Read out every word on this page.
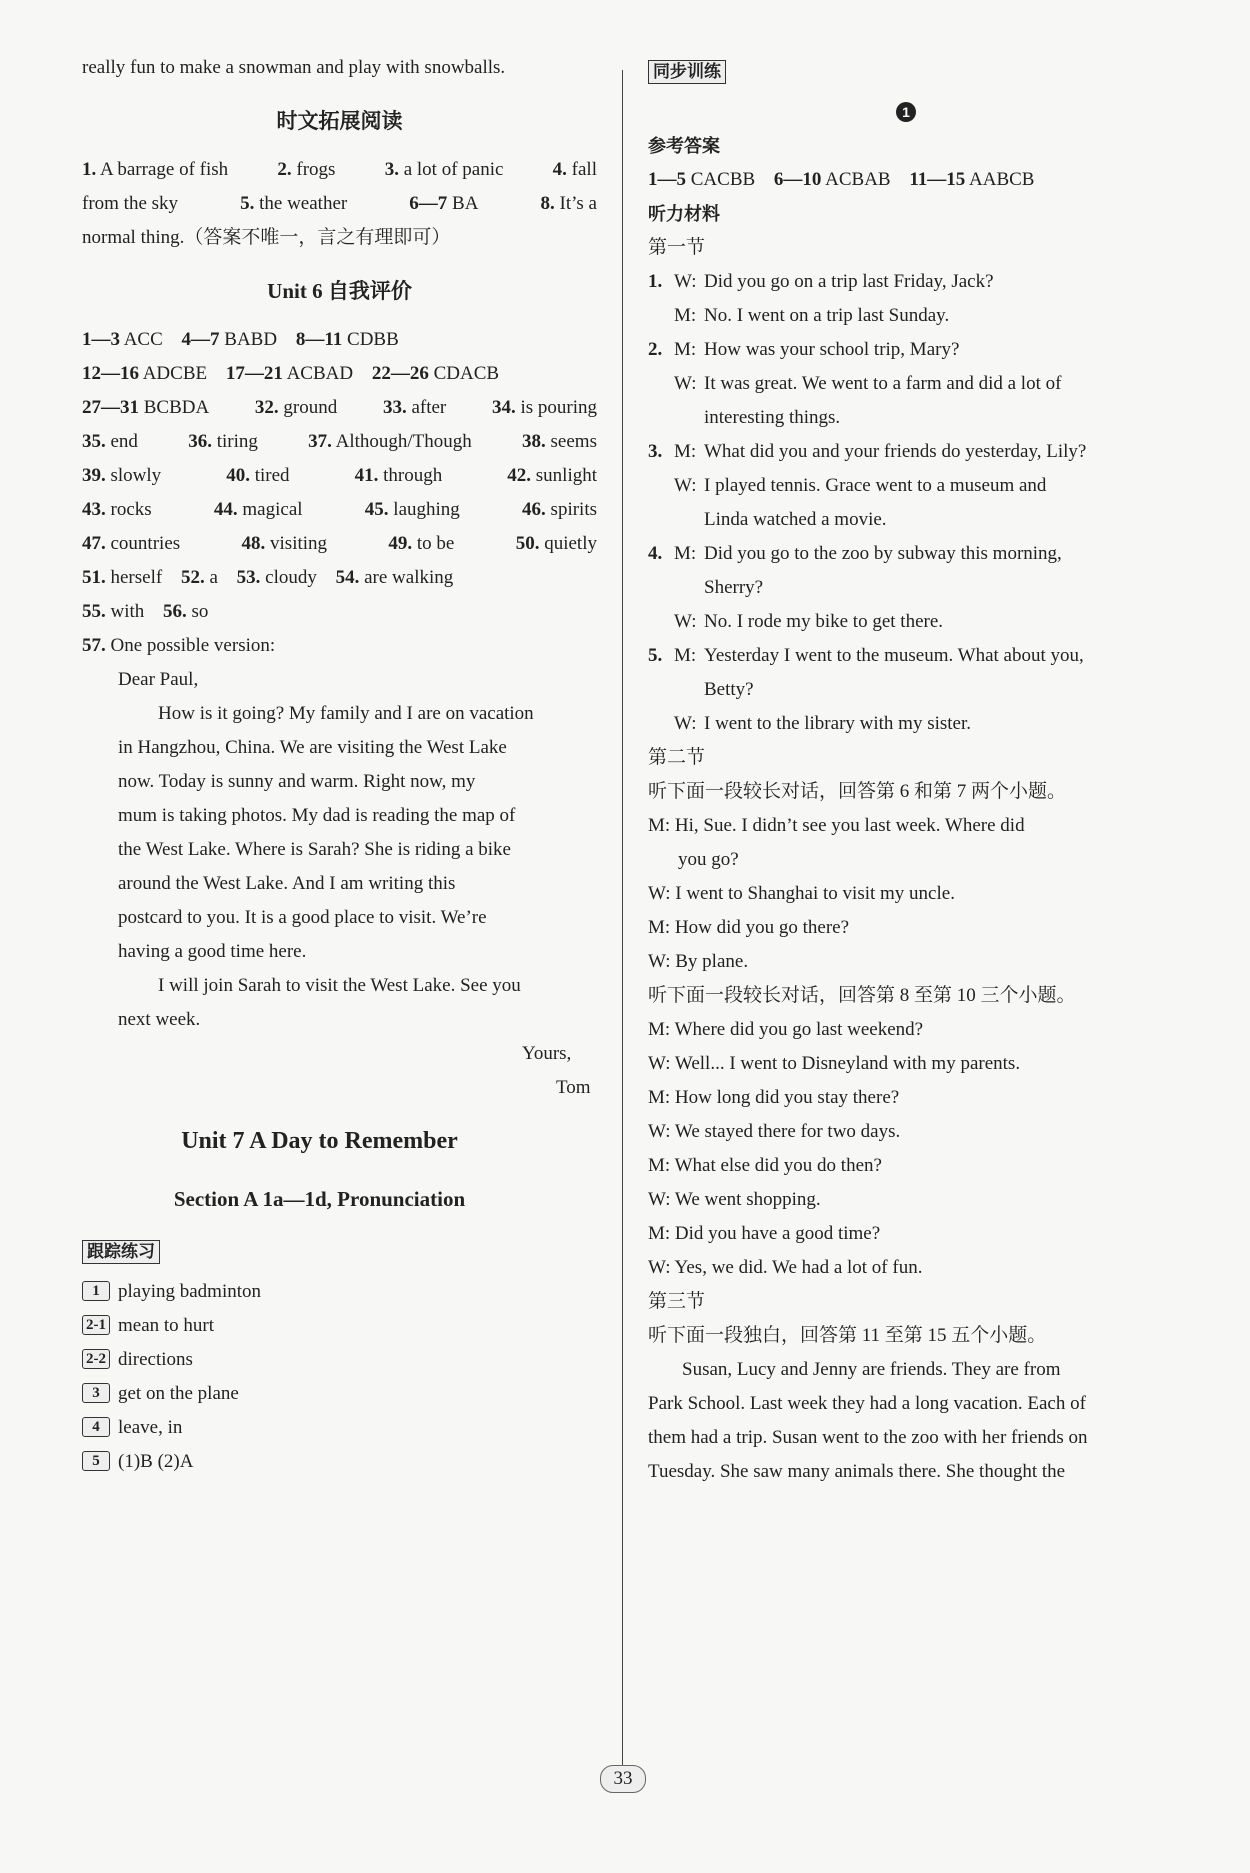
really fun to make a snowman and play with snowballs.
时文拓展阅读
1. A barrage of fish	2. frogs	3. a lot of panic	4. fall
from the sky	5. the weather	6—7 BA	8. It’s a
normal thing.（答案不唯一，言之有理即可）
Unit 6 自我评价
1—3 ACC 4—7 BABD 8—11 CDBB
12—16 ADCBE 17—21 ACBAD 22—26 CDACB
27—31 BCBDA 32. ground 33. after 34. is pouring
35. end	36. tiring	37. Although/Though	38. seems
39. slowly	40. tired	41. through	42. sunlight
43. rocks	44. magical	45. laughing	46. spirits
47. countries	48. visiting	49. to be	50. quietly
51. herself 52. a 53. cloudy 54. are walking
55. with 56. so
57. One possible version:
Dear Paul,
How is it going? My family and I are on vacation
in Hangzhou, China. We are visiting the West Lake
now. Today is sunny and warm. Right now, my
mum is taking photos. My dad is reading the map of
the West Lake. Where is Sarah? She is riding a bike
around the West Lake. And I am writing this
postcard to you. It is a good place to visit. We’re
having a good time here.
I will join Sarah to visit the West Lake. See you
next week.
Yours,
Tom
Unit 7 A Day to Remember
Section A 1a—1d, Pronunciation
跟踪练习
1 playing badminton
2-1 mean to hurt
2-2 directions
3 get on the plane
4 leave, in
5 (1)B (2)A
同步训练
1
参考答案
1—5 CACBB 6—10 ACBAB 11—15 AABCB
听力材料
第一节
1. W: Did you go on a trip last Friday, Jack?
M: No. I went on a trip last Sunday.
2. M: How was your school trip, Mary?
W: It was great. We went to a farm and did a lot of
interesting things.
3. M: What did you and your friends do yesterday, Lily?
W: I played tennis. Grace went to a museum and
Linda watched a movie.
4. M: Did you go to the zoo by subway this morning,
Sherry?
W: No. I rode my bike to get there.
5. M: Yesterday I went to the museum. What about you,
Betty?
W: I went to the library with my sister.
第二节
听下面一段较长对话，回答第 6 和第 7 两个小题。
M: Hi, Sue. I didn’t see you last week. Where did
you go?
W: I went to Shanghai to visit my uncle.
M: How did you go there?
W: By plane.
听下面一段较长对话，回答第 8 至第 10 三个小题。
M: Where did you go last weekend?
W: Well... I went to Disneyland with my parents.
M: How long did you stay there?
W: We stayed there for two days.
M: What else did you do then?
W: We went shopping.
M: Did you have a good time?
W: Yes, we did. We had a lot of fun.
第三节
听下面一段独白，回答第 11 至第 15 五个小题。
Susan, Lucy and Jenny are friends. They are from
Park School. Last week they had a long vacation. Each of
them had a trip. Susan went to the zoo with her friends on
Tuesday. She saw many animals there. She thought the
33
